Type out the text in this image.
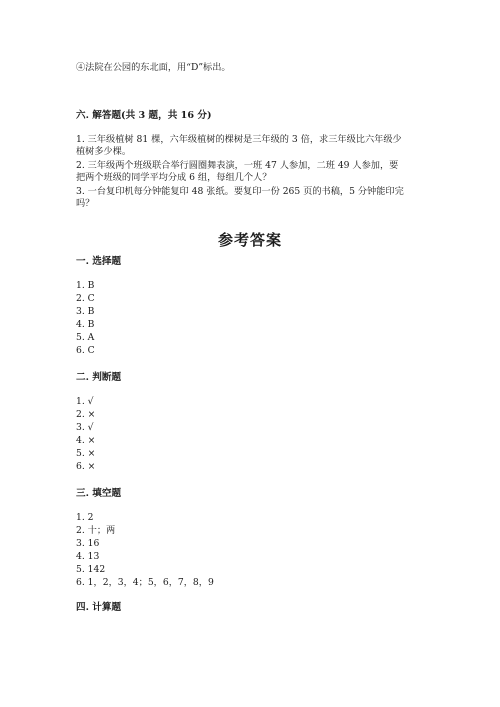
④法院在公园的东北面，用“D”标出。
六. 解答题(共 3 题，共 16 分)
1. 三年级植树 81 棵，六年级植树的棵树是三年级的 3 倍，求三年级比六年级少
植树多少棵。
2. 三年级两个班级联合举行圆圈舞表演，一班 47 人参加，二班 49 人参加，要
把两个班级的同学平均分成 6 组，每组几个人？
3. 一台复印机每分钟能复印 48 张纸。要复印一份 265 页的书稿，5 分钟能印完
吗？
参考答案
一. 选择题
1. B
2. C
3. B
4. B
5. A
6. C
二. 判断题
1. √
2. ×
3. √
4. ×
5. ×
6. ×
三. 填空题
1. 2
2. 十；两
3. 16
4. 13
5. 142
6. 1，2，3，4；5，6，7，8，9
四. 计算题
